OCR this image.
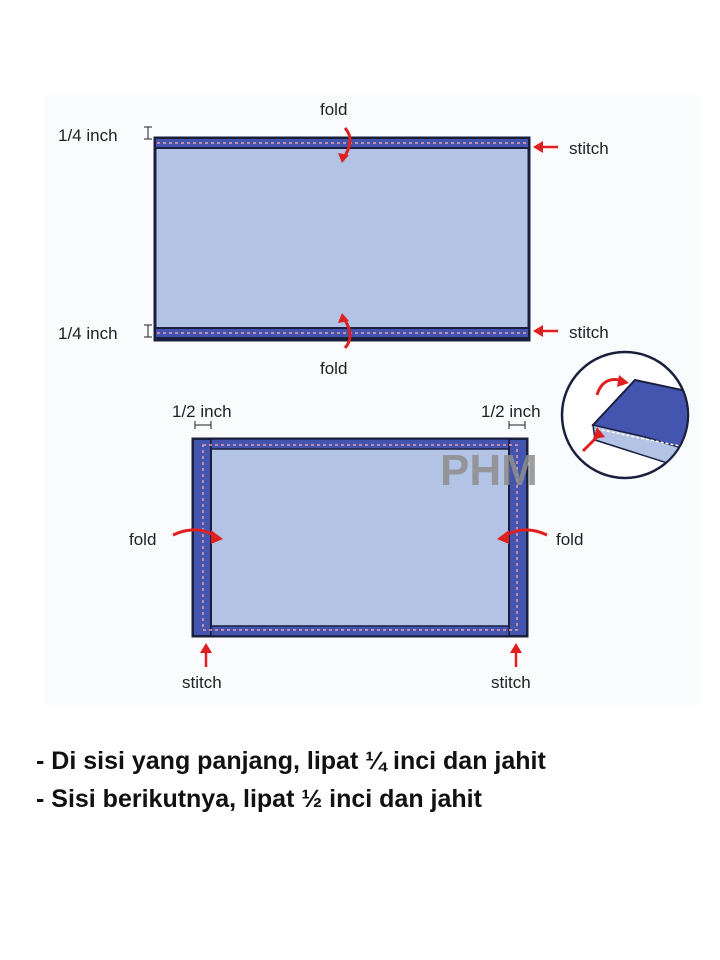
fold
fold
1/4 inch
1/4 inch
stitch
stitch
1/2 inch	1/2 inch
fold	fold
stitch	stitch
PHM
- Di sisi yang panjang, lipat ¼ inci dan jahit
- Sisi berikutnya, lipat ½ inci dan jahit
